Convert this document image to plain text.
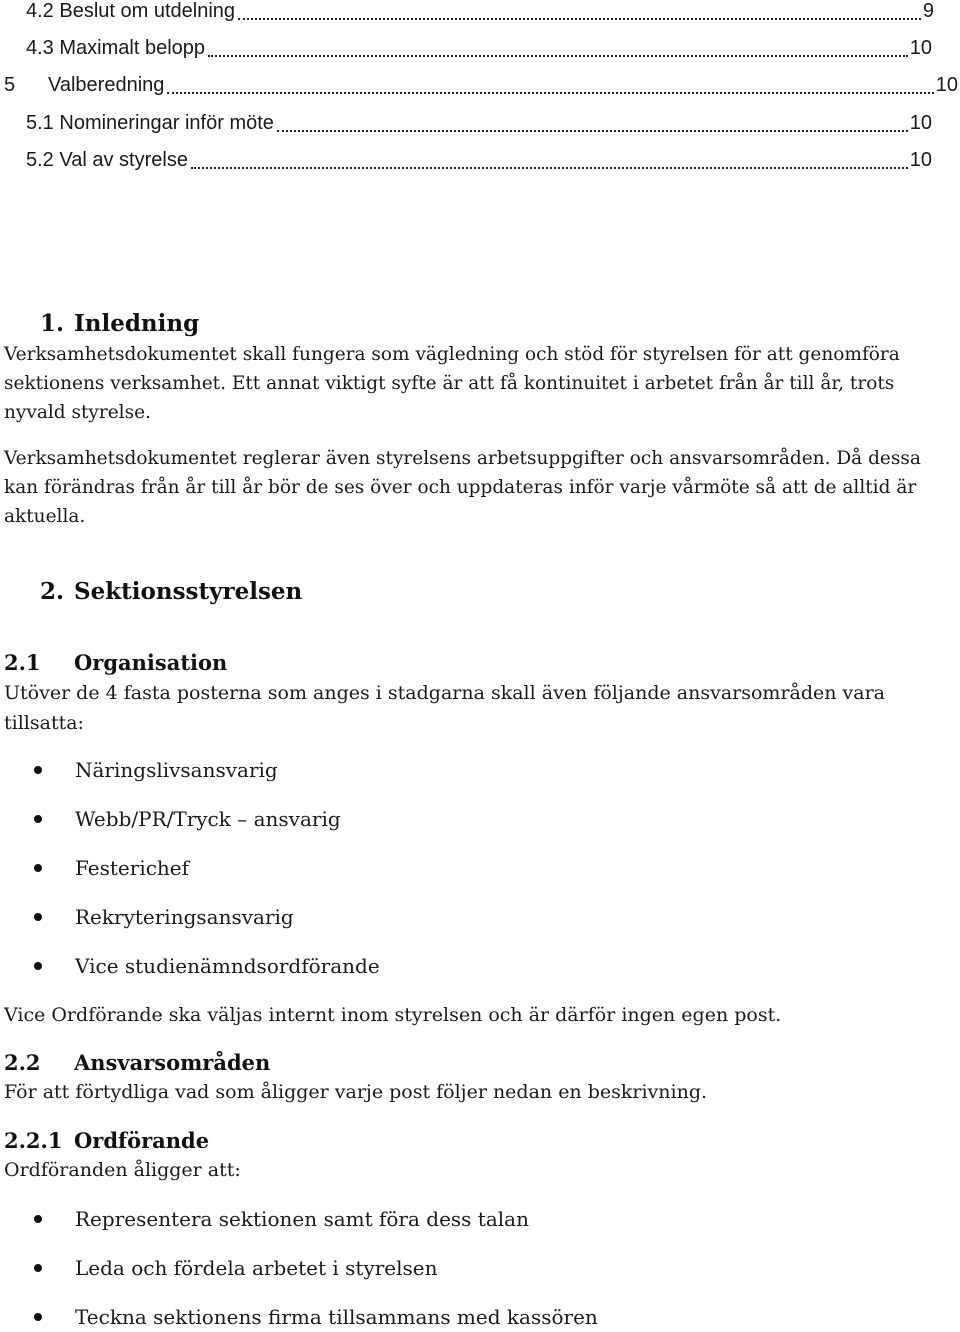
4.2 Beslut om utdelning	9
4.3 Maximalt belopp	10
5	Valberedning	10
5.1 Nomineringar inför möte	10
5.2 Val av styrelse	10
1. Inledning
Verksamhetsdokumentet skall fungera som vägledning och stöd för styrelsen för att genomföra sektionens verksamhet. Ett annat viktigt syfte är att få kontinuitet i arbetet från år till år, trots nyvald styrelse.
Verksamhetsdokumentet reglerar även styrelsens arbetsuppgifter och ansvarsområden. Då dessa kan förändras från år till år bör de ses över och uppdateras inför varje vårmöte så att de alltid är aktuella.
2. Sektionsstyrelsen
2.1 Organisation
Utöver de 4 fasta posterna som anges i stadgarna skall även följande ansvarsområden vara tillsatta:
Näringslivsansvarig
Webb/PR/Tryck – ansvarig
Festerichef
Rekryteringsansvarig
Vice studienämndsordförande
Vice Ordförande ska väljas internt inom styrelsen och är därför ingen egen post.
2.2 Ansvarsområden
För att förtydliga vad som åligger varje post följer nedan en beskrivning.
2.2.1 Ordförande
Ordföranden åligger att:
Representera sektionen samt föra dess talan
Leda och fördela arbetet i styrelsen
Teckna sektionens firma tillsammans med kassören
